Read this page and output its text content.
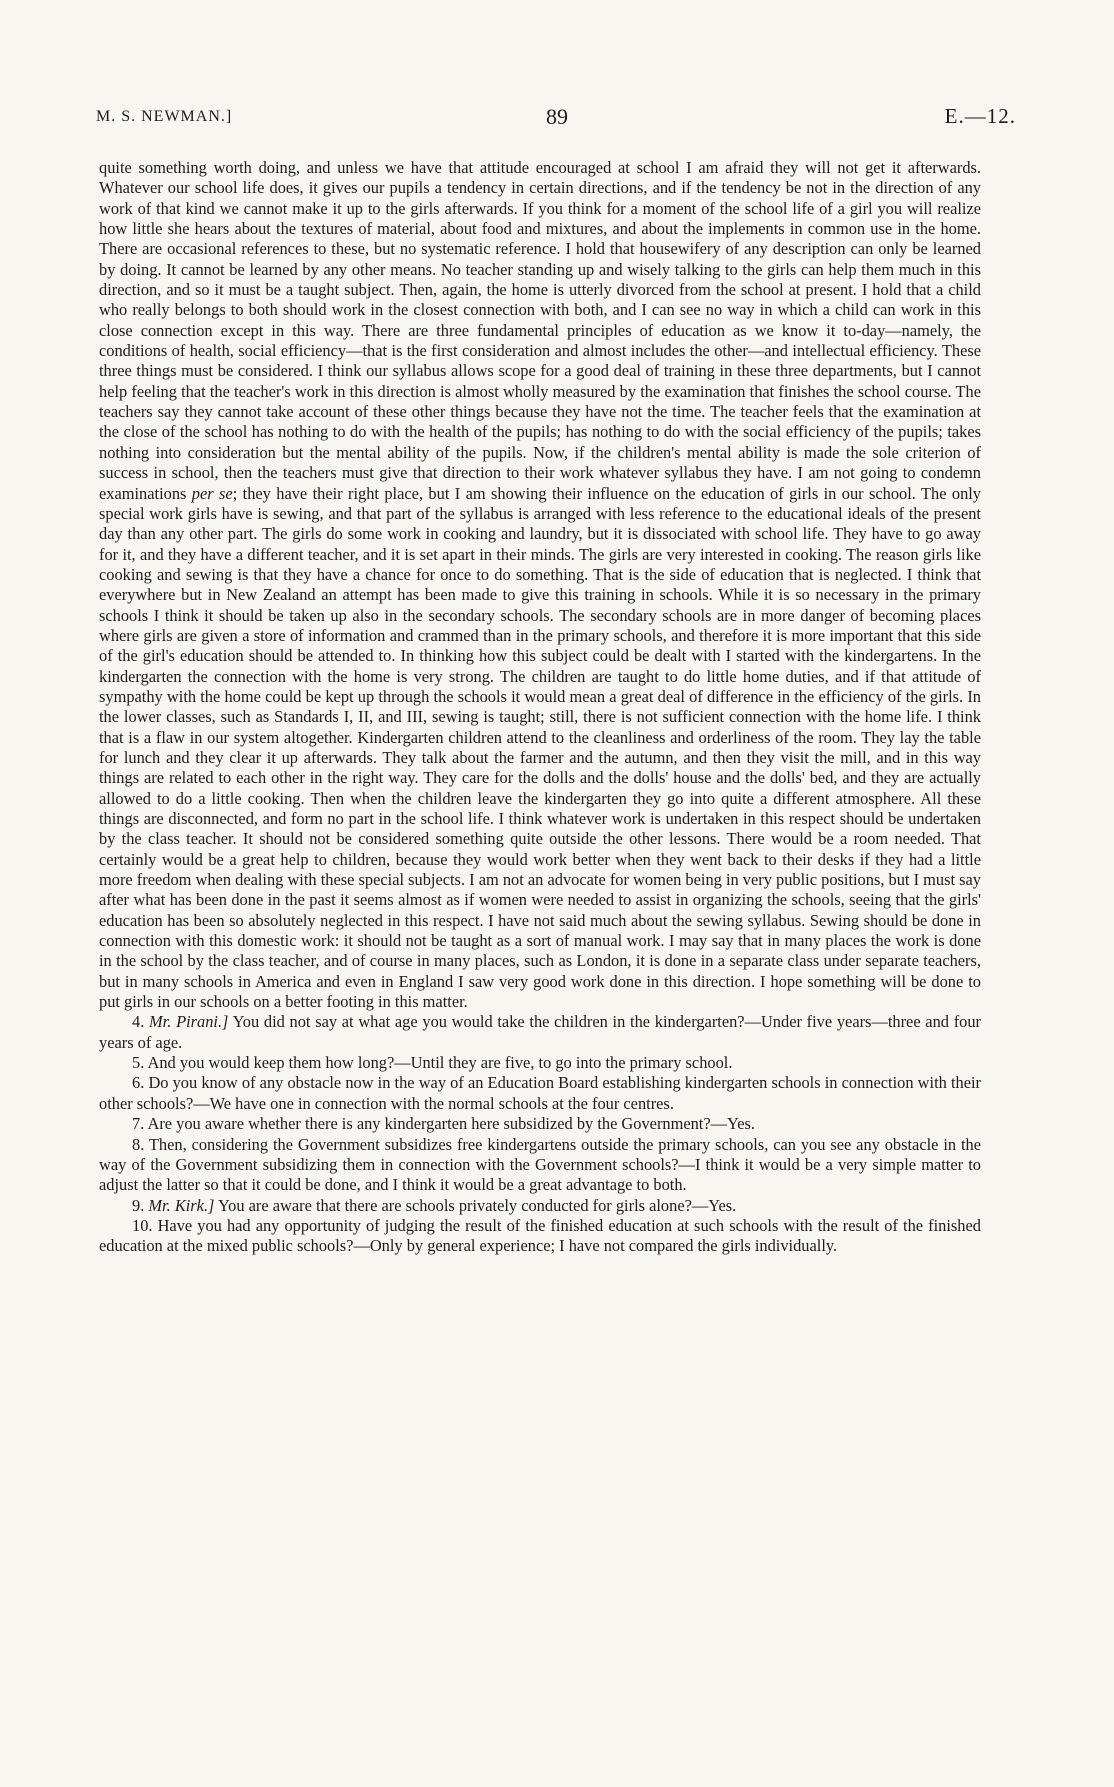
M. S. NEWMAN.]	89	E.—12.

quite something worth doing, and unless we have that attitude encouraged at school I am afraid they will not get it afterwards. Whatever our school life does, it gives our pupils a tendency in certain directions, and if the tendency be not in the direction of any work of that kind we cannot make it up to the girls afterwards. If you think for a moment of the school life of a girl you will realize how little she hears about the textures of material, about food and mixtures, and about the implements in common use in the home. There are occasional references to these, but no systematic reference. I hold that housewifery of any description can only be learned by doing. It cannot be learned by any other means. No teacher standing up and wisely talking to the girls can help them much in this direction, and so it must be a taught subject. Then, again, the home is utterly divorced from the school at present. I hold that a child who really belongs to both should work in the closest connection with both, and I can see no way in which a child can work in this close connection except in this way. There are three fundamental principles of education as we know it to-day—namely, the conditions of health, social efficiency—that is the first consideration and almost includes the other—and intellectual efficiency. These three things must be considered. I think our syllabus allows scope for a good deal of training in these three departments, but I cannot help feeling that the teacher's work in this direction is almost wholly measured by the examination that finishes the school course. The teachers say they cannot take account of these other things because they have not the time. The teacher feels that the examination at the close of the school has nothing to do with the health of the pupils; has nothing to do with the social efficiency of the pupils; takes nothing into consideration but the mental ability of the pupils. Now, if the children's mental ability is made the sole criterion of success in school, then the teachers must give that direction to their work whatever syllabus they have. I am not going to condemn examinations per se; they have their right place, but I am showing their influence on the education of girls in our school. The only special work girls have is sewing, and that part of the syllabus is arranged with less reference to the educational ideals of the present day than any other part. The girls do some work in cooking and laundry, but it is dissociated with school life. They have to go away for it, and they have a different teacher, and it is set apart in their minds. The girls are very interested in cooking. The reason girls like cooking and sewing is that they have a chance for once to do something. That is the side of education that is neglected. I think that everywhere but in New Zealand an attempt has been made to give this training in schools. While it is so necessary in the primary schools I think it should be taken up also in the secondary schools. The secondary schools are in more danger of becoming places where girls are given a store of information and crammed than in the primary schools, and therefore it is more important that this side of the girl's education should be attended to. In thinking how this subject could be dealt with I started with the kindergartens. In the kindergarten the connection with the home is very strong. The children are taught to do little home duties, and if that attitude of sympathy with the home could be kept up through the schools it would mean a great deal of difference in the efficiency of the girls. In the lower classes, such as Standards I, II, and III, sewing is taught; still, there is not sufficient connection with the home life. I think that is a flaw in our system altogether. Kindergarten children attend to the cleanliness and orderliness of the room. They lay the table for lunch and they clear it up afterwards. They talk about the farmer and the autumn, and then they visit the mill, and in this way things are related to each other in the right way. They care for the dolls and the dolls' house and the dolls' bed, and they are actually allowed to do a little cooking. Then when the children leave the kindergarten they go into quite a different atmosphere. All these things are disconnected, and form no part in the school life. I think whatever work is undertaken in this respect should be undertaken by the class teacher. It should not be considered something quite outside the other lessons. There would be a room needed. That certainly would be a great help to children, because they would work better when they went back to their desks if they had a little more freedom when dealing with these special subjects. I am not an advocate for women being in very public positions, but I must say after what has been done in the past it seems almost as if women were needed to assist in organizing the schools, seeing that the girls' education has been so absolutely neglected in this respect. I have not said much about the sewing syllabus. Sewing should be done in connection with this domestic work: it should not be taught as a sort of manual work. I may say that in many places the work is done in the school by the class teacher, and of course in many places, such as London, it is done in a separate class under separate teachers, but in many schools in America and even in England I saw very good work done in this direction. I hope something will be done to put girls in our schools on a better footing in this matter.

4. Mr. Pirani.] You did not say at what age you would take the children in the kindergarten?—Under five years—three and four years of age.

5. And you would keep them how long?—Until they are five, to go into the primary school.

6. Do you know of any obstacle now in the way of an Education Board establishing kindergarten schools in connection with their other schools?—We have one in connection with the normal schools at the four centres.

7. Are you aware whether there is any kindergarten here subsidized by the Government?—Yes.

8. Then, considering the Government subsidizes free kindergartens outside the primary schools, can you see any obstacle in the way of the Government subsidizing them in connection with the Government schools?—I think it would be a very simple matter to adjust the latter so that it could be done, and I think it would be a great advantage to both.

9. Mr. Kirk.] You are aware that there are schools privately conducted for girls alone?—Yes.

10. Have you had any opportunity of judging the result of the finished education at such schools with the result of the finished education at the mixed public schools?—Only by general experience; I have not compared the girls individually.
